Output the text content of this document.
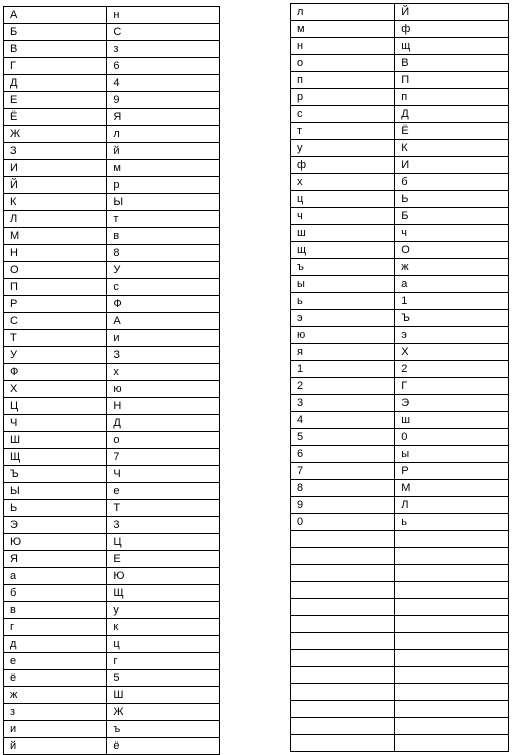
А	н
Б	С
В	з
Г	6
Д	4
Е	9
Ё	Я
Ж	л
З	й
И	м
Й	р
К	Ы
Л	т
М	в
Н	8
О	У
П	с
Р	Ф
С	А
Т	и
У	З
Ф	х
Х	ю
Ц	Н
Ч	Д
Ш	о
Щ	7
Ъ	Ч
Ы	е
Ь	Т
Э	3
Ю	Ц
Я	Е
а	Ю
б	Щ
в	у
г	к
д	ц
е	г
ё	5
ж	Ш
з	Ж
и	ъ
й	ё
л	Й
м	ф
н	щ
о	В
п	П
р	п
с	Д
т	Ё
у	К
ф	И
х	б
ц	Ь
ч	Б
ш	ч
щ	О
ъ	ж
ы	а
ь	1
э	Ъ
ю	э
я	Х
1	2
2	Г
3	Э
4	ш
5	0
6	ы
7	Р
8	М
9	Л
0	ь
